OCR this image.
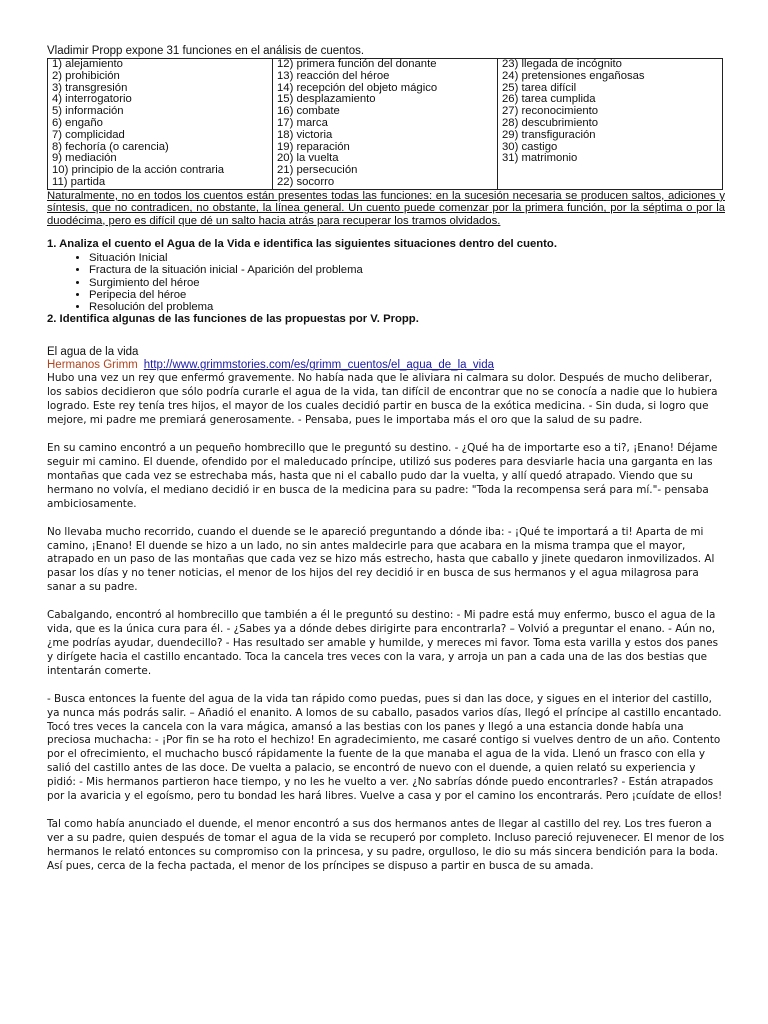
Vladimir Propp expone 31 funciones en el análisis de cuentos.

1) alejamiento
2) prohibición
3) transgresión
4) interrogatorio
5) información
6) engaño
7) complicidad
8) fechoría (o carencia)
9) mediación
10) principio de la acción contraria
11) partida

12) primera función del donante
13) reacción del héroe
14) recepción del objeto mágico
15) desplazamiento
16) combate
17) marca
18) victoria
19) reparación
20) la vuelta
21) persecución
22) socorro

23) llegada de incógnito
24) pretensiones engañosas
25) tarea difícil
26) tarea cumplida
27) reconocimiento
28) descubrimiento
29) transfiguración
30) castigo
31) matrimonio

Naturalmente, no en todos los cuentos están presentes todas las funciones: en la sucesión necesaria se producen saltos, adiciones y síntesis, que no contradicen, no obstante, la línea general. Un cuento puede comenzar por la primera función, por la séptima o por la duodécima, pero es difícil que dé un salto hacia atrás para recuperar los tramos olvidados.

1. Analiza el cuento el Agua de la Vida e identifica las siguientes situaciones dentro del cuento.

• Situación Inicial
• Fractura de la situación inicial - Aparición del problema
• Surgimiento del héroe
• Peripecia del héroe
• Resolución del problema

2. Identifica algunas de las funciones de las propuestas por V. Propp.

El agua de la vida

Hermanos Grimm http://www.grimmstories.com/es/grimm_cuentos/el_agua_de_la_vida

Hubo una vez un rey que enfermó gravemente. No había nada que le aliviara ni calmara su dolor. Después de mucho deliberar, los sabios decidieron que sólo podría curarle el agua de la vida, tan difícil de encontrar que no se conocía a nadie que lo hubiera logrado. Este rey tenía tres hijos, el mayor de los cuales decidió partir en busca de la exótica medicina. - Sin duda, si logro que mejore, mi padre me premiará generosamente. - Pensaba, pues le importaba más el oro que la salud de su padre.

En su camino encontró a un pequeño hombrecillo que le preguntó su destino. - ¿Qué ha de importarte eso a ti?, ¡Enano! Déjame seguir mi camino. El duende, ofendido por el maleducado príncipe, utilizó sus poderes para desviarle hacia una garganta en las montañas que cada vez se estrechaba más, hasta que ni el caballo pudo dar la vuelta, y allí quedó atrapado. Viendo que su hermano no volvía, el mediano decidió ir en busca de la medicina para su padre: "Toda la recompensa será para mí."- pensaba ambiciosamente.

No llevaba mucho recorrido, cuando el duende se le apareció preguntando a dónde iba: - ¡Qué te importará a ti! Aparta de mi camino, ¡Enano! El duende se hizo a un lado, no sin antes maldecirle para que acabara en la misma trampa que el mayor, atrapado en un paso de las montañas que cada vez se hizo más estrecho, hasta que caballo y jinete quedaron inmovilizados. Al pasar los días y no tener noticias, el menor de los hijos del rey decidió ir en busca de sus hermanos y el agua milagrosa para sanar a su padre.

Cabalgando, encontró al hombrecillo que también a él le preguntó su destino: - Mi padre está muy enfermo, busco el agua de la vida, que es la única cura para él. - ¿Sabes ya a dónde debes dirigirte para encontrarla? – Volvió a preguntar el enano. - Aún no, ¿me podrías ayudar, duendecillo? - Has resultado ser amable y humilde, y mereces mi favor. Toma esta varilla y estos dos panes y dirígete hacia el castillo encantado. Toca la cancela tres veces con la vara, y arroja un pan a cada una de las dos bestias que intentarán comerte.

- Busca entonces la fuente del agua de la vida tan rápido como puedas, pues si dan las doce, y sigues en el interior del castillo, ya nunca más podrás salir. – Añadió el enanito. A lomos de su caballo, pasados varios días, llegó el príncipe al castillo encantado. Tocó tres veces la cancela con la vara mágica, amansó a las bestias con los panes y llegó a una estancia donde había una preciosa muchacha: - ¡Por fin se ha roto el hechizo! En agradecimiento, me casaré contigo si vuelves dentro de un año. Contento por el ofrecimiento, el muchacho buscó rápidamente la fuente de la que manaba el agua de la vida. Llenó un frasco con ella y salió del castillo antes de las doce. De vuelta a palacio, se encontró de nuevo con el duende, a quien relató su experiencia y pidió: - Mis hermanos partieron hace tiempo, y no les he vuelto a ver. ¿No sabrías dónde puedo encontrarles? - Están atrapados por la avaricia y el egoísmo, pero tu bondad les hará libres. Vuelve a casa y por el camino los encontrarás. Pero ¡cuídate de ellos!

Tal como había anunciado el duende, el menor encontró a sus dos hermanos antes de llegar al castillo del rey. Los tres fueron a ver a su padre, quien después de tomar el agua de la vida se recuperó por completo. Incluso pareció rejuvenecer. El menor de los hermanos le relató entonces su compromiso con la princesa, y su padre, orgulloso, le dio su más sincera bendición para la boda. Así pues, cerca de la fecha pactada, el menor de los príncipes se dispuso a partir en busca de su amada.
